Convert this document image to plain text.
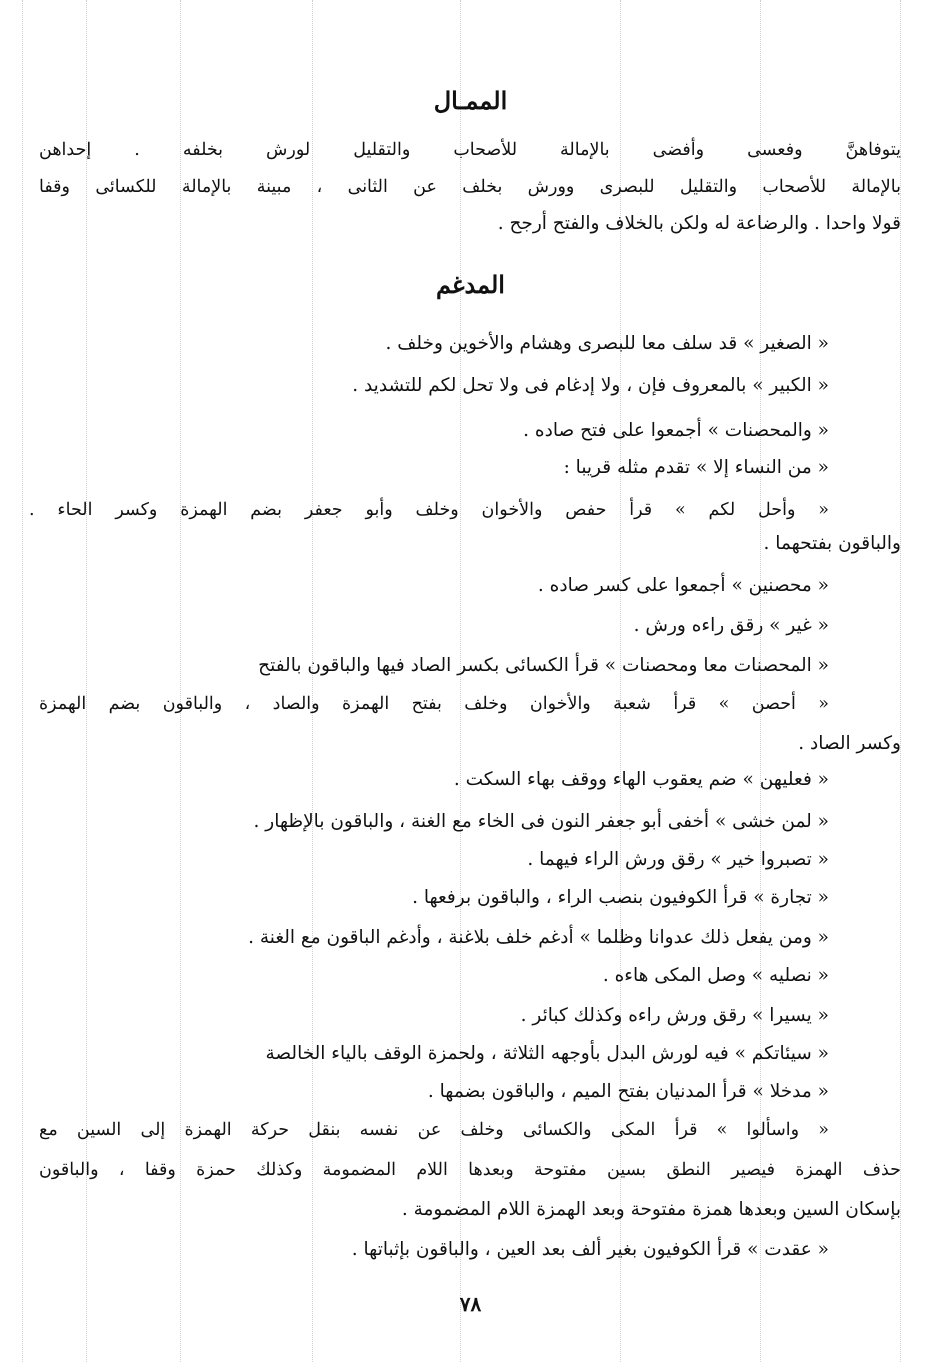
الممـال
يتوفاهنَّ وفعسى وأفضى بالإمالة للأصحاب والتقليل لورش بخلفه . إحداهن
بالإمالة للأصحاب والتقليل للبصرى وورش بخلف عن الثانى ، مبينة بالإمالة للكسائى وقفا
قولا واحدا . والرضاعة له ولكن بالخلاف والفتح أرجح .
المدغم
« الصغير » قد سلف معا للبصرى وهشام والأخوين وخلف .
« الكبير » بالمعروف فإن ، ولا إدغام فى ولا تحل لكم للتشديد .
« والمحصنات » أجمعوا على فتح صاده .
« من النساء إلا » تقدم مثله قريبا :
« وأحل لكم » قرأ حفص والأخوان وخلف وأبو جعفر بضم الهمزة وكسر الحاء .
والباقون بفتحهما .
« محصنين » أجمعوا على كسر صاده .
« غير » رقق راءه ورش .
« المحصنات معا ومحصنات » قرأ الكسائى بكسر الصاد فيها والباقون بالفتح
« أحصن » قرأ شعبة والأخوان وخلف بفتح الهمزة والصاد ، والباقون بضم الهمزة
وكسر الصاد .
« فعليهن » ضم يعقوب الهاء ووقف بهاء السكت .
« لمن خشى » أخفى أبو جعفر النون فى الخاء مع الغنة ، والباقون بالإظهار .
« تصبروا خير » رقق ورش الراء فيهما .
« تجارة » قرأ الكوفيون بنصب الراء ، والباقون برفعها .
« ومن يفعل ذلك عدوانا وظلما » أدغم خلف بلاغنة ، وأدغم الباقون مع الغنة .
« نصليه » وصل المكى هاءه .
« يسيرا » رقق ورش راءه وكذلك كبائر .
« سيئاتكم » فيه لورش البدل بأوجهه الثلاثة ، ولحمزة الوقف بالياء الخالصة
« مدخلا » قرأ المدنيان بفتح الميم ، والباقون بضمها .
« واسألوا » قرأ المكى والكسائى وخلف عن نفسه بنقل حركة الهمزة إلى السين مع
حذف الهمزة فيصير النطق بسين مفتوحة وبعدها اللام المضمومة وكذلك حمزة وقفا ، والباقون
بإسكان السين وبعدها همزة مفتوحة وبعد الهمزة اللام المضمومة .
« عقدت » قرأ الكوفيون بغير ألف بعد العين ، والباقون بإثباتها .
٧٨
